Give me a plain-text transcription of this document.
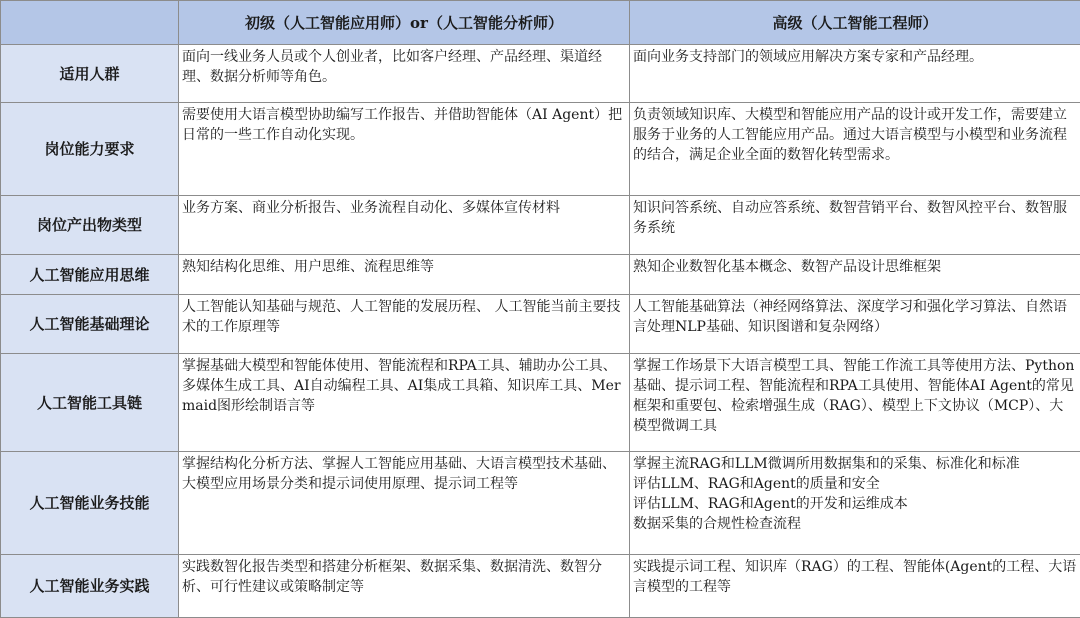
	初级（人工智能应用师）or（人工智能分析师）	高级（人工智能工程师）
适用人群	面向一线业务人员或个人创业者，比如客户经理、产品经理、渠道经理、数据分析师等角色。	面向业务支持部门的领域应用解决方案专家和产品经理。

岗位能力要求	需要使用大语言模型协助编写工作报告、并借助智能体（AI Agent）把日常的一些工作自动化实现。	负责领域知识库、大模型和智能应用产品的设计或开发工作，需要建立服务于业务的人工智能应用产品。通过大语言模型与小模型和业务流程的结合，满足企业全面的数智化转型需求。

岗位产出物类型	业务方案、商业分析报告、业务流程自动化、多媒体宣传材料	知识问答系统、自动应答系统、数智营销平台、数智风控平台、数智服务系统

人工智能应用思维	熟知结构化思维、用户思维、流程思维等	熟知企业数智化基本概念、数智产品设计思维框架

人工智能基础理论	人工智能认知基础与规范、人工智能的发展历程、 人工智能当前主要技术的工作原理等	人工智能基础算法（神经网络算法、深度学习和强化学习算法、自然语言处理NLP基础、知识图谱和复杂网络）

人工智能工具链	掌握基础大模型和智能体使用、智能流程和RPA工具、辅助办公工具、多媒体生成工具、AI自动编程工具、AI集成工具箱、知识库工具、Mermaid图形绘制语言等	掌握工作场景下大语言模型工具、智能工作流工具等使用方法、Python基础、提示词工程、智能流程和RPA工具使用、智能体AI Agent的常见框架和重要包、检索增强生成（RAG）、模型上下文协议（MCP）、大模型微调工具

人工智能业务技能	掌握结构化分析方法、掌握人工智能应用基础、大语言模型技术基础、大模型应用场景分类和提示词使用原理、提示词工程等	掌握主流RAG和LLM微调所用数据集和的采集、标准化和标准

评估LLM、RAG和Agent的质量和安全

评估LLM、RAG和Agent的开发和运维成本

数据采集的合规性检查流程

人工智能业务实践	实践数智化报告类型和搭建分析框架、数据采集、数据清洗、数智分析、可行性建议或策略制定等	实践提示词工程、知识库（RAG）的工程、智能体(Agent的工程、大语言模型的工程等
